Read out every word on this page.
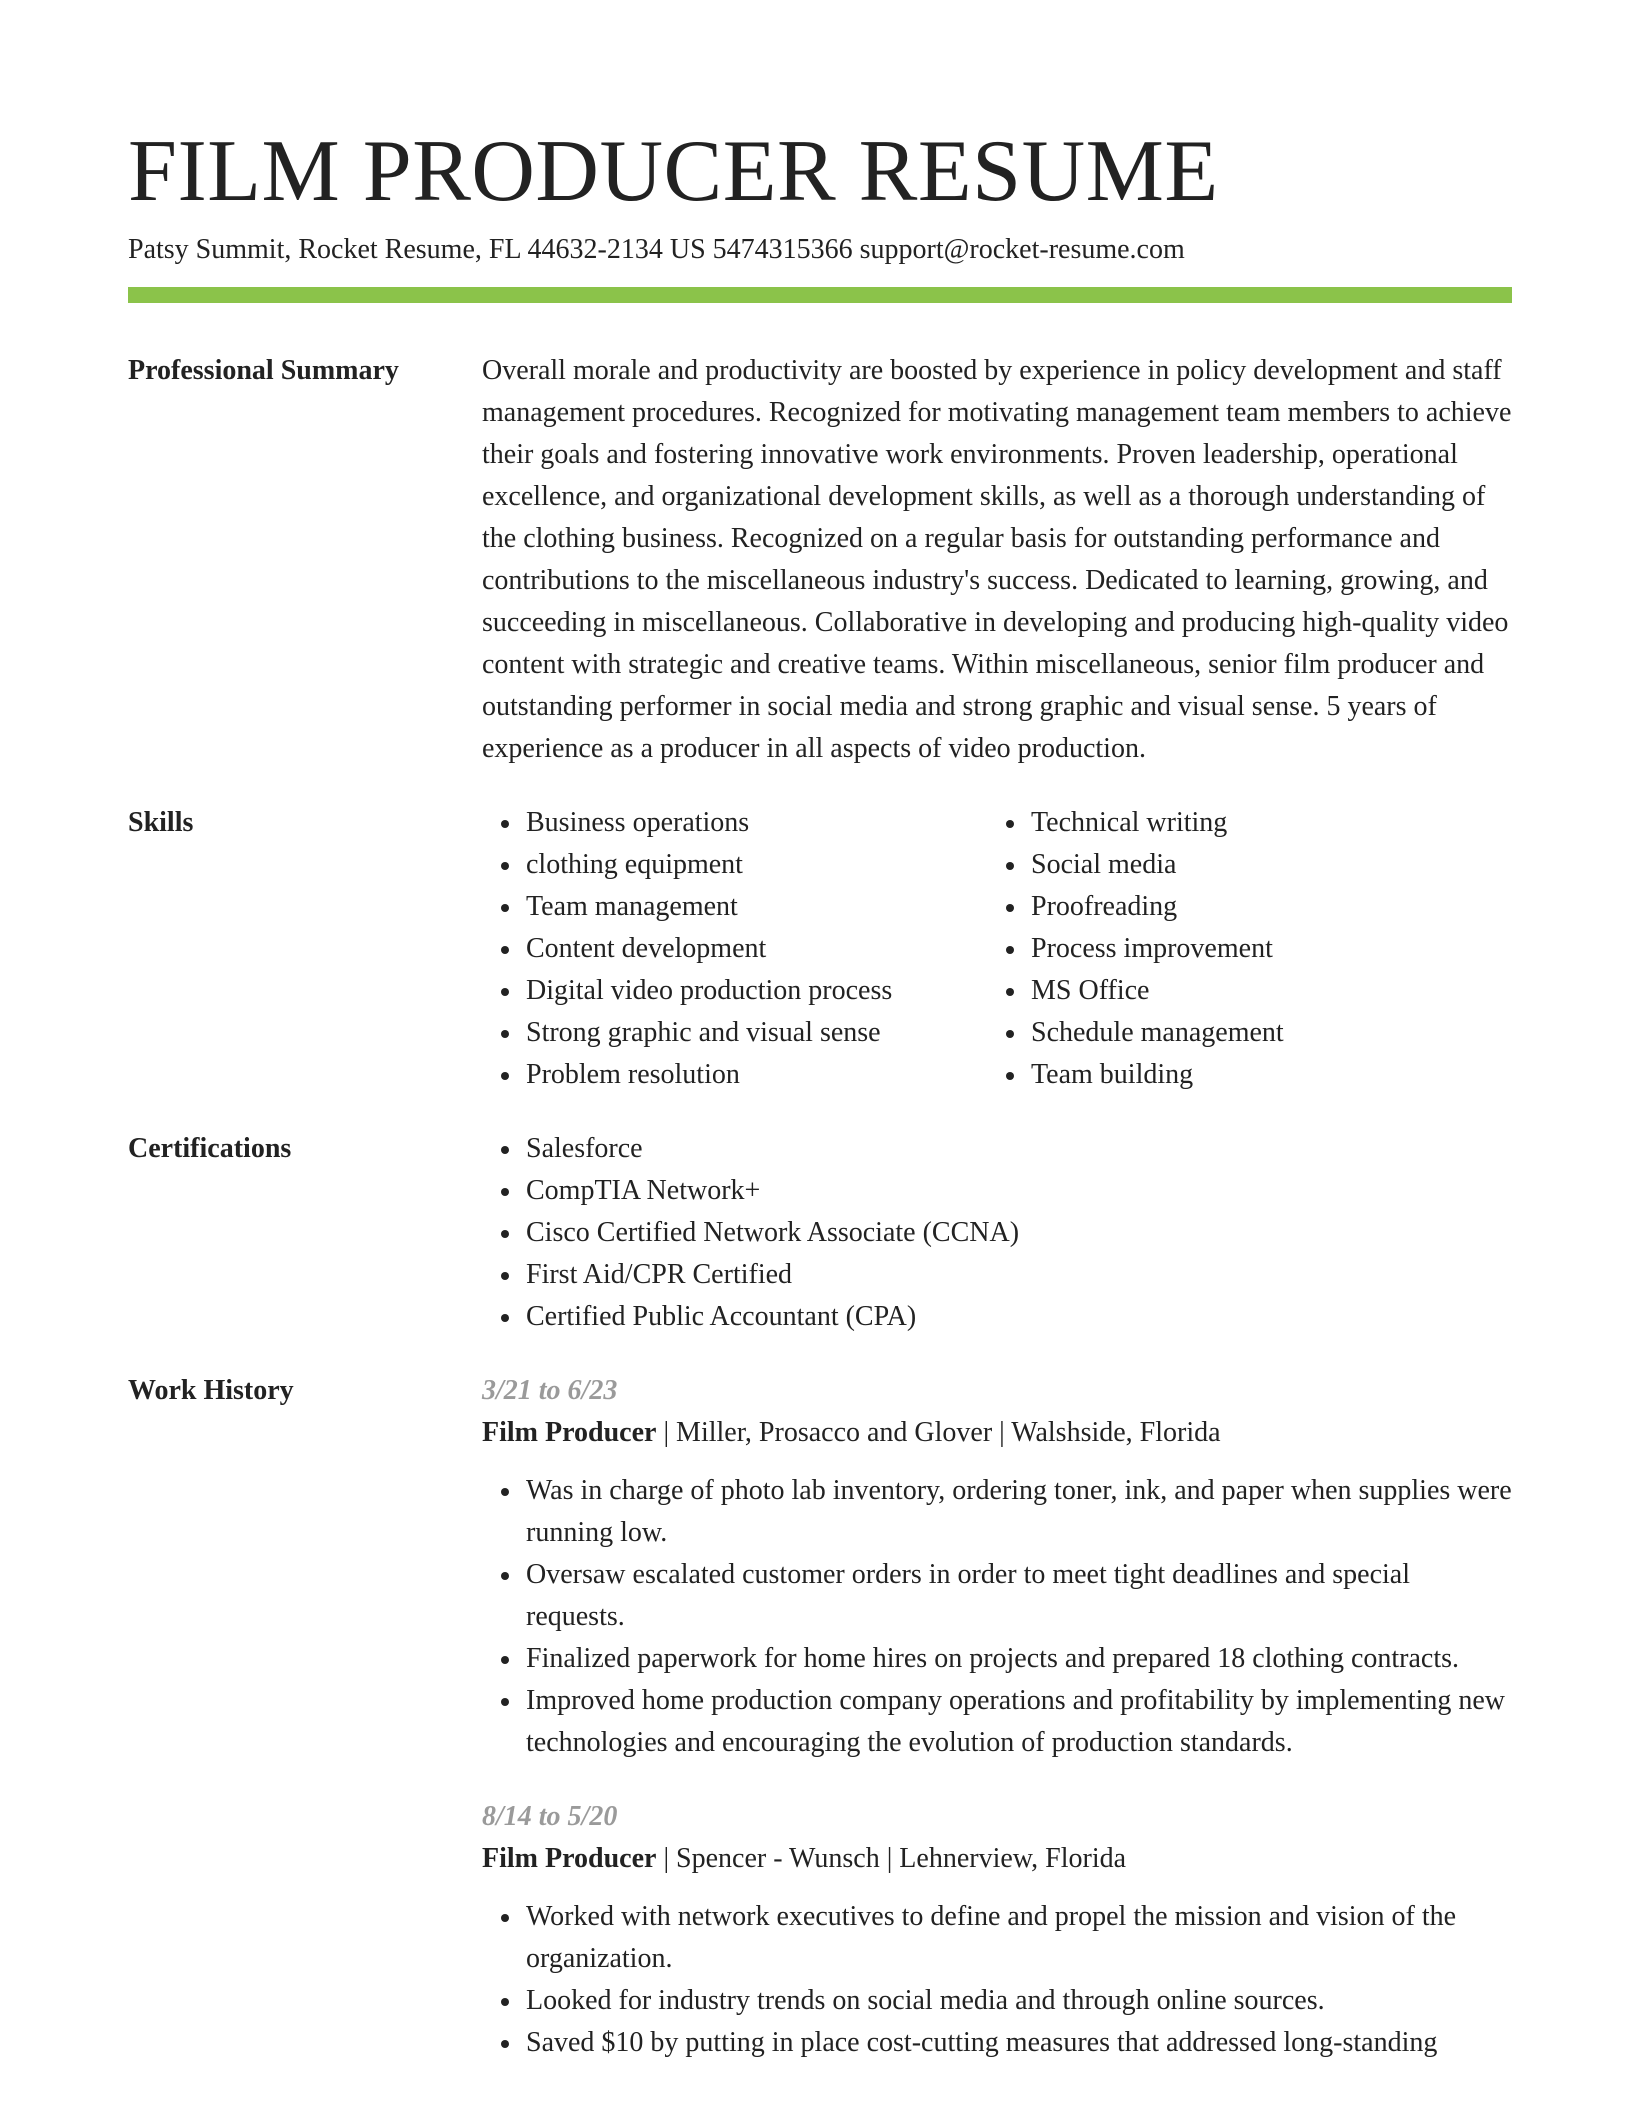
FILM PRODUCER RESUME
Patsy Summit, Rocket Resume, FL 44632-2134 US 5474315366 support@rocket-resume.com
Professional Summary	Overall morale and productivity are boosted by experience in policy development and staff management procedures. Recognized for motivating management team members to achieve their goals and fostering innovative work environments. Proven leadership, operational excellence, and organizational development skills, as well as a thorough understanding of the clothing business. Recognized on a regular basis for outstanding performance and contributions to the miscellaneous industry's success. Dedicated to learning, growing, and succeeding in miscellaneous. Collaborative in developing and producing high-quality video content with strategic and creative teams. Within miscellaneous, senior film producer and outstanding performer in social media and strong graphic and visual sense. 5 years of experience as a producer in all aspects of video production.

Skills	Business operations
clothing equipment
Team management
Content development
Digital video production process
Strong graphic and visual sense
Problem resolution
Technical writing
Social media
Proofreading
Process improvement
MS Office
Schedule management
Team building
Certifications	Salesforce
CompTIA Network+
Cisco Certified Network Associate (CCNA)
First Aid/CPR Certified
Certified Public Accountant (CPA)
Work History	3/21 to 6/23
Film Producer | Miller, Prosacco and Glover | Walshside, Florida
Was in charge of photo lab inventory, ordering toner, ink, and paper when supplies were running low.
Oversaw escalated customer orders in order to meet tight deadlines and special requests.
Finalized paperwork for home hires on projects and prepared 18 clothing contracts.
Improved home production company operations and profitability by implementing new technologies and encouraging the evolution of production standards.
8/14 to 5/20
Film Producer | Spencer - Wunsch | Lehnerview, Florida
Worked with network executives to define and propel the mission and vision of the organization.
Looked for industry trends on social media and through online sources.
Saved $10 by putting in place cost-cutting measures that addressed long-standing
